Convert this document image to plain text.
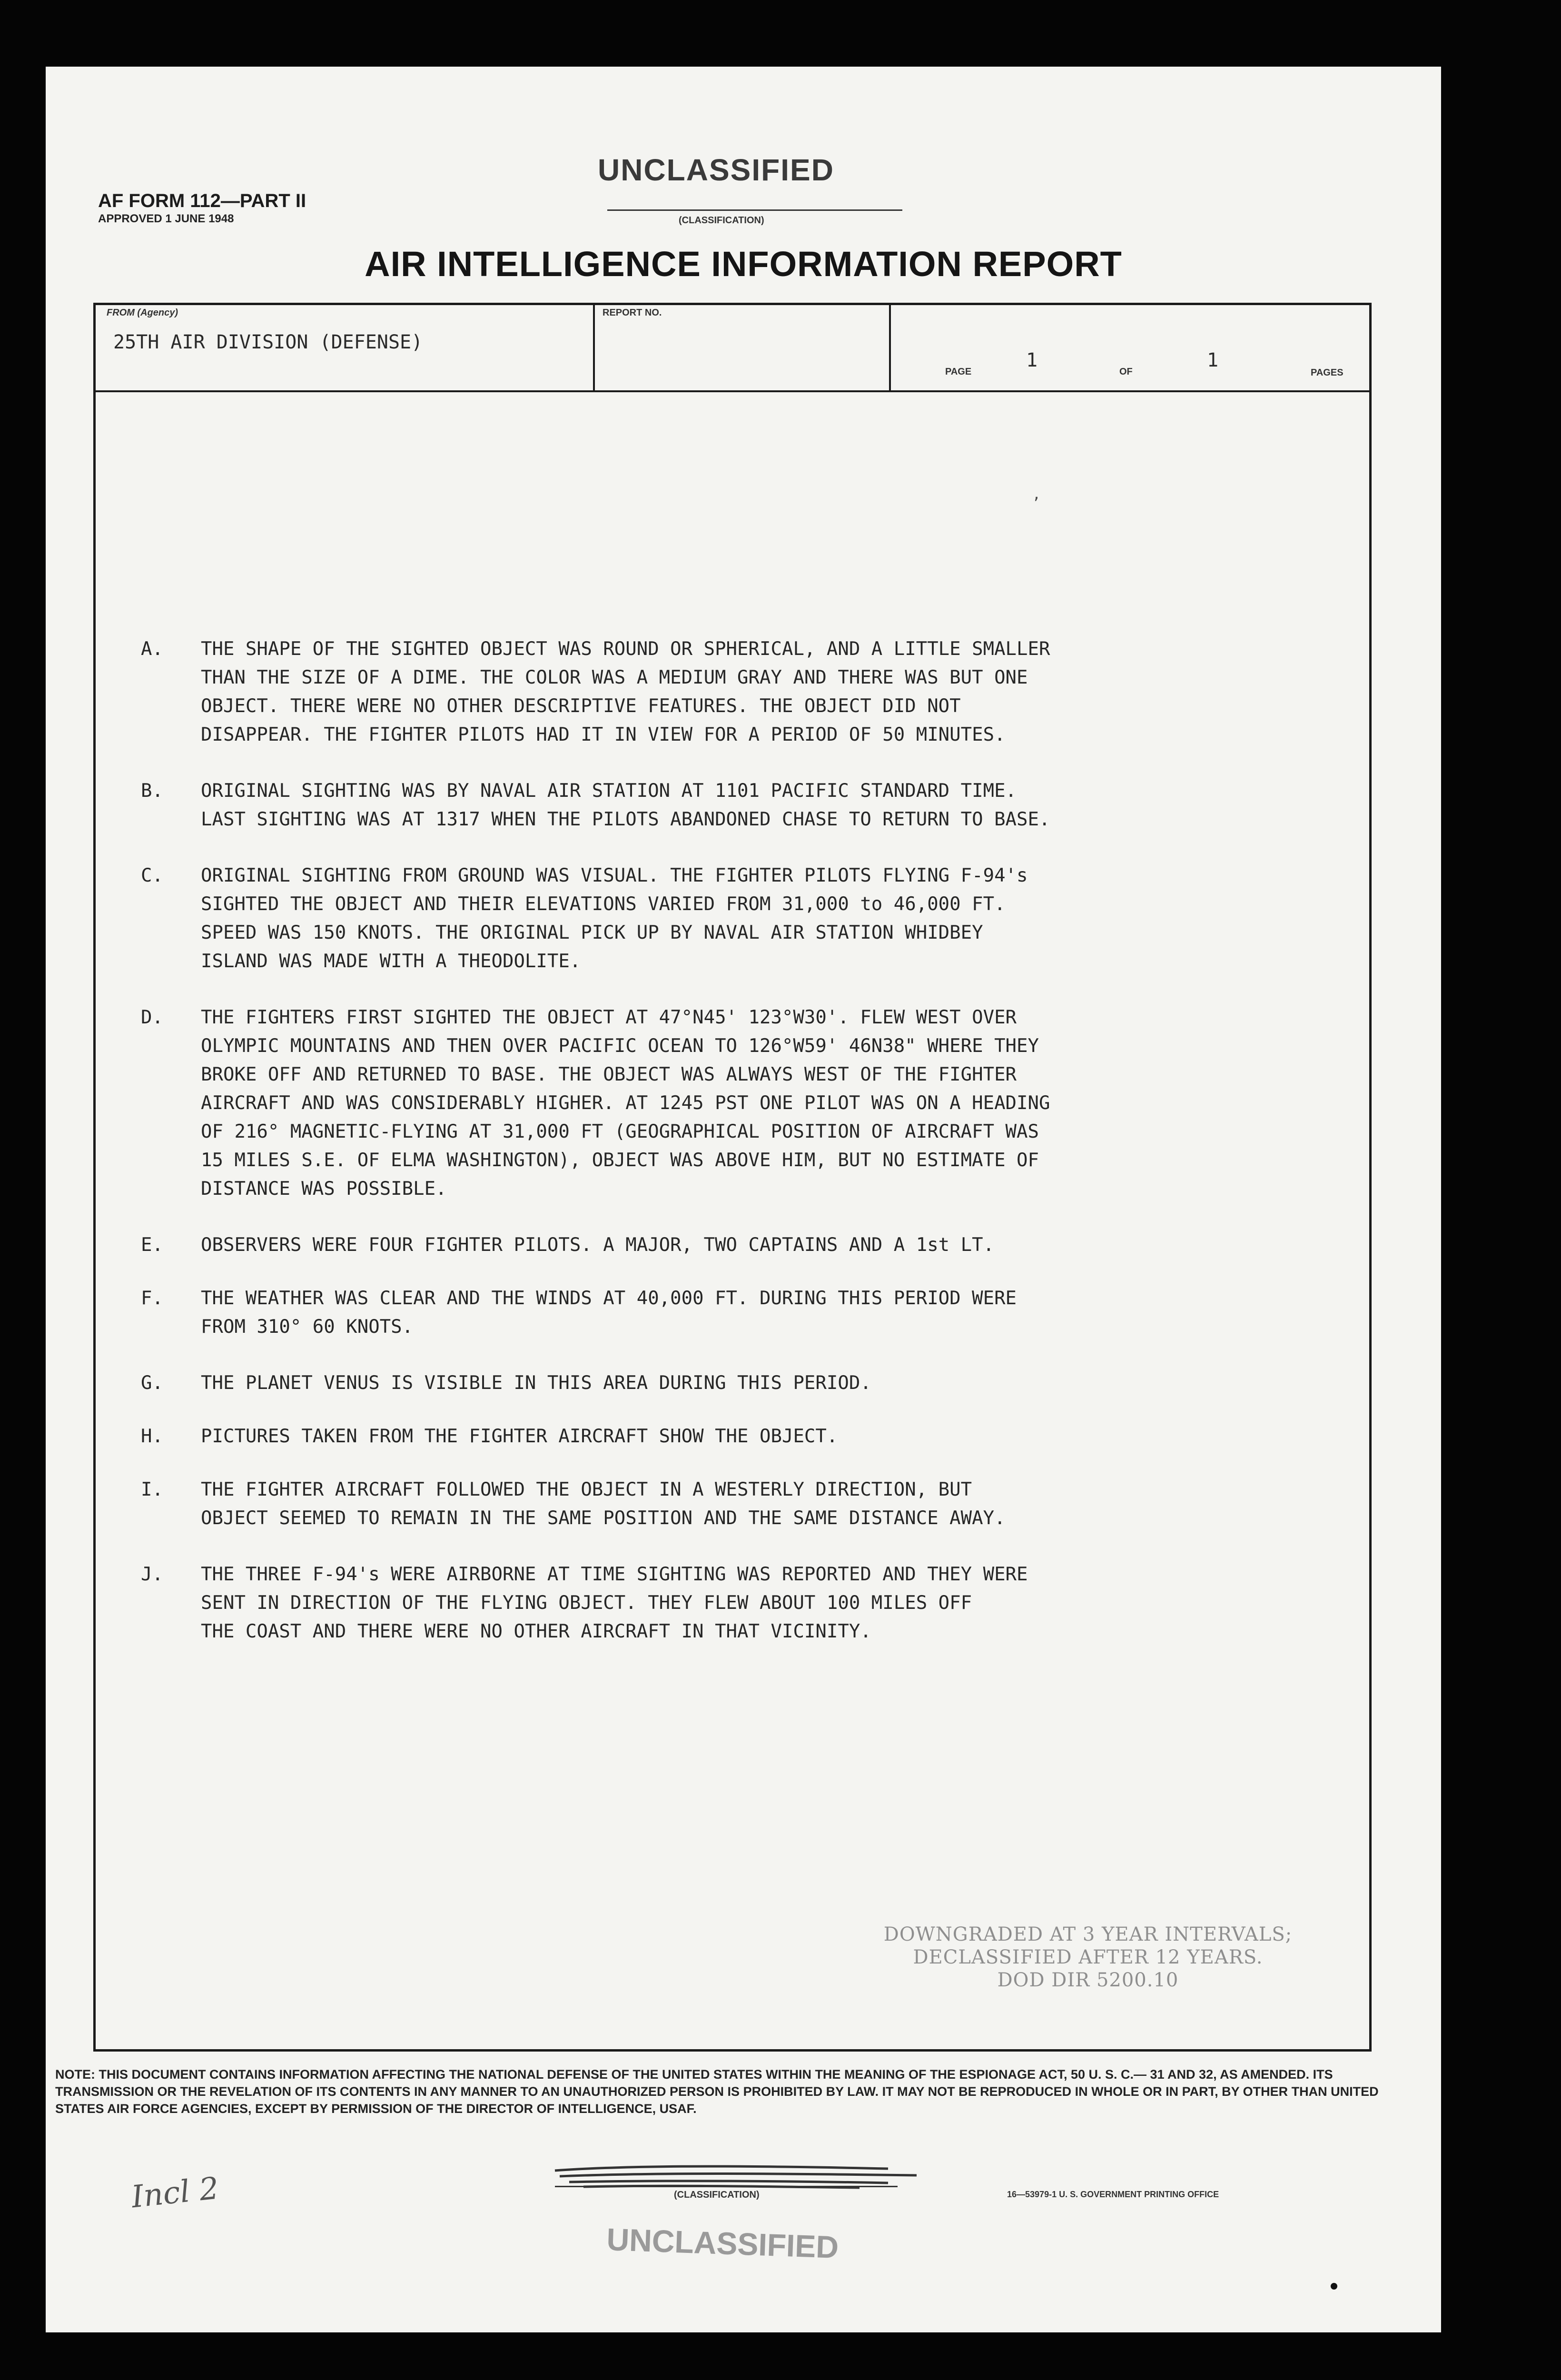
AF FORM 112—PART II
APPROVED 1 JUNE 1948
UNCLASSIFIED
(CLASSIFICATION)
AIR INTELLIGENCE INFORMATION REPORT
FROM (Agency)
25TH AIR DIVISION (DEFENSE)
REPORT NO.
PAGE
1
OF
1
PAGES
ʼ
A.	THE SHAPE OF THE SIGHTED OBJECT WAS ROUND OR SPHERICAL, AND A LITTLE SMALLER
THAN THE SIZE OF A DIME. THE COLOR WAS A MEDIUM GRAY AND THERE WAS BUT ONE
OBJECT. THERE WERE NO OTHER DESCRIPTIVE FEATURES. THE OBJECT DID NOT
DISAPPEAR. THE FIGHTER PILOTS HAD IT IN VIEW FOR A PERIOD OF 50 MINUTES.
B.	ORIGINAL SIGHTING WAS BY NAVAL AIR STATION AT 1101 PACIFIC STANDARD TIME.
LAST SIGHTING WAS AT 1317 WHEN THE PILOTS ABANDONED CHASE TO RETURN TO BASE.
C.	ORIGINAL SIGHTING FROM GROUND WAS VISUAL. THE FIGHTER PILOTS FLYING F-94's
SIGHTED THE OBJECT AND THEIR ELEVATIONS VARIED FROM 31,000 to 46,000 FT.
SPEED WAS 150 KNOTS. THE ORIGINAL PICK UP BY NAVAL AIR STATION WHIDBEY
ISLAND WAS MADE WITH A THEODOLITE.
D.	THE FIGHTERS FIRST SIGHTED THE OBJECT AT 47°N45' 123°W30'. FLEW WEST OVER
OLYMPIC MOUNTAINS AND THEN OVER PACIFIC OCEAN TO 126°W59' 46N38" WHERE THEY
BROKE OFF AND RETURNED TO BASE. THE OBJECT WAS ALWAYS WEST OF THE FIGHTER
AIRCRAFT AND WAS CONSIDERABLY HIGHER. AT 1245 PST ONE PILOT WAS ON A HEADING
OF 216° MAGNETIC-FLYING AT 31,000 FT (GEOGRAPHICAL POSITION OF AIRCRAFT WAS
15 MILES S.E. OF ELMA WASHINGTON), OBJECT WAS ABOVE HIM, BUT NO ESTIMATE OF
DISTANCE WAS POSSIBLE.
E.	OBSERVERS WERE FOUR FIGHTER PILOTS. A MAJOR, TWO CAPTAINS AND A 1st LT.
F.	THE WEATHER WAS CLEAR AND THE WINDS AT 40,000 FT. DURING THIS PERIOD WERE
FROM 310° 60 KNOTS.
G.	THE PLANET VENUS IS VISIBLE IN THIS AREA DURING THIS PERIOD.
H.	PICTURES TAKEN FROM THE FIGHTER AIRCRAFT SHOW THE OBJECT.
I.	THE FIGHTER AIRCRAFT FOLLOWED THE OBJECT IN A WESTERLY DIRECTION, BUT
OBJECT SEEMED TO REMAIN IN THE SAME POSITION AND THE SAME DISTANCE AWAY.
J.	THE THREE F-94's WERE AIRBORNE AT TIME SIGHTING WAS REPORTED AND THEY WERE
SENT IN DIRECTION OF THE FLYING OBJECT. THEY FLEW ABOUT 100 MILES OFF
THE COAST AND THERE WERE NO OTHER AIRCRAFT IN THAT VICINITY.
DOWNGRADED AT 3 YEAR INTERVALS;
DECLASSIFIED AFTER 12 YEARS.
DOD DIR 5200.10
NOTE: THIS DOCUMENT CONTAINS INFORMATION AFFECTING THE NATIONAL DEFENSE OF THE UNITED STATES WITHIN THE MEANING OF THE ESPIONAGE ACT, 50 U. S. C.— 31 AND 32, AS AMENDED. ITS TRANSMISSION OR THE REVELATION OF ITS CONTENTS IN ANY MANNER TO AN UNAUTHORIZED PERSON IS PROHIBITED BY LAW. IT MAY NOT BE REPRODUCED IN WHOLE OR IN PART, BY OTHER THAN UNITED STATES AIR FORCE AGENCIES, EXCEPT BY PERMISSION OF THE DIRECTOR OF INTELLIGENCE, USAF.
(CLASSIFICATION)	16—53979-1 U. S. GOVERNMENT PRINTING OFFICE
UNCLASSIFIED
Incl 2
